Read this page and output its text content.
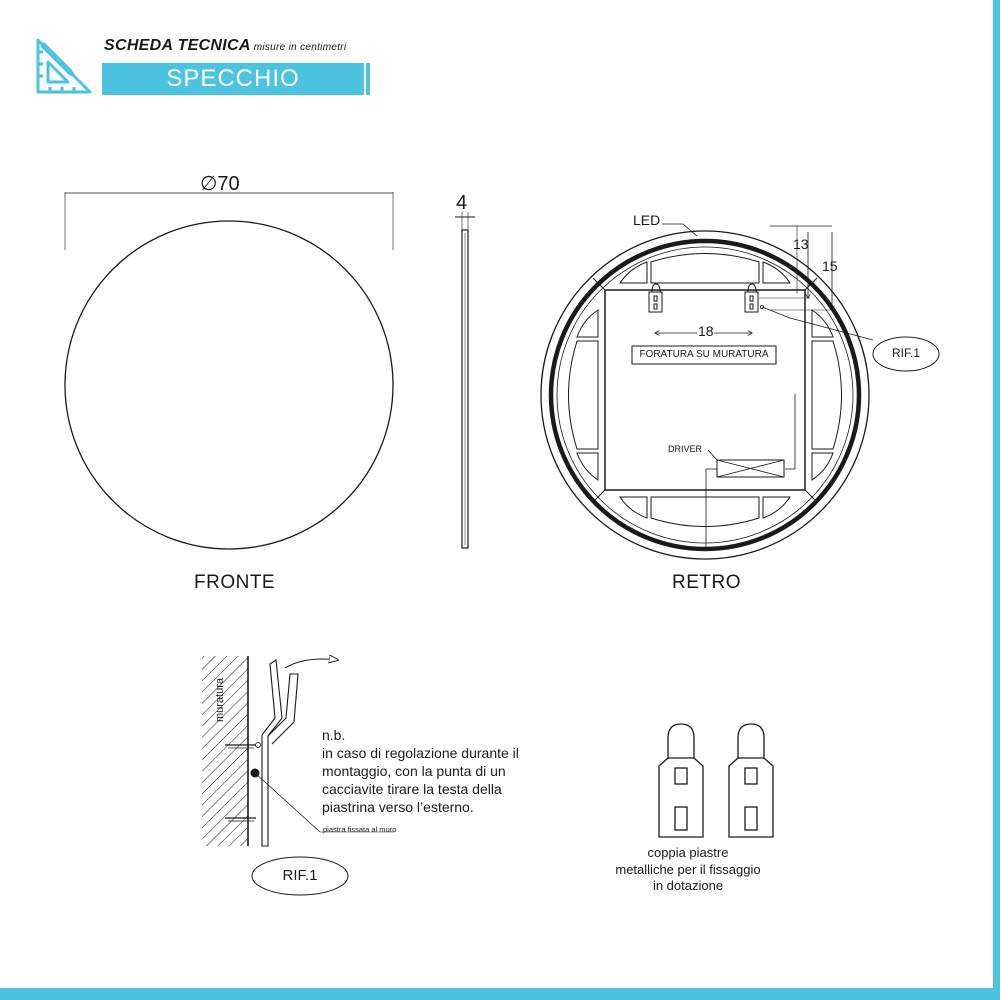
SCHEDA TECNICA misure in centimetri
SPECCHIO
∅70
FRONTE
4
RETRO
LED
13
15
18
FORATURA SU MURATURA
DRIVER
RIF.1
muratura
piastra fissata al muro
RIF.1
n.b.
in caso di regolazione durante il
montaggio, con la punta di un
cacciavite tirare la testa della
piastrina verso l’esterno.
coppia piastre
metalliche per il fissaggio
in dotazione
